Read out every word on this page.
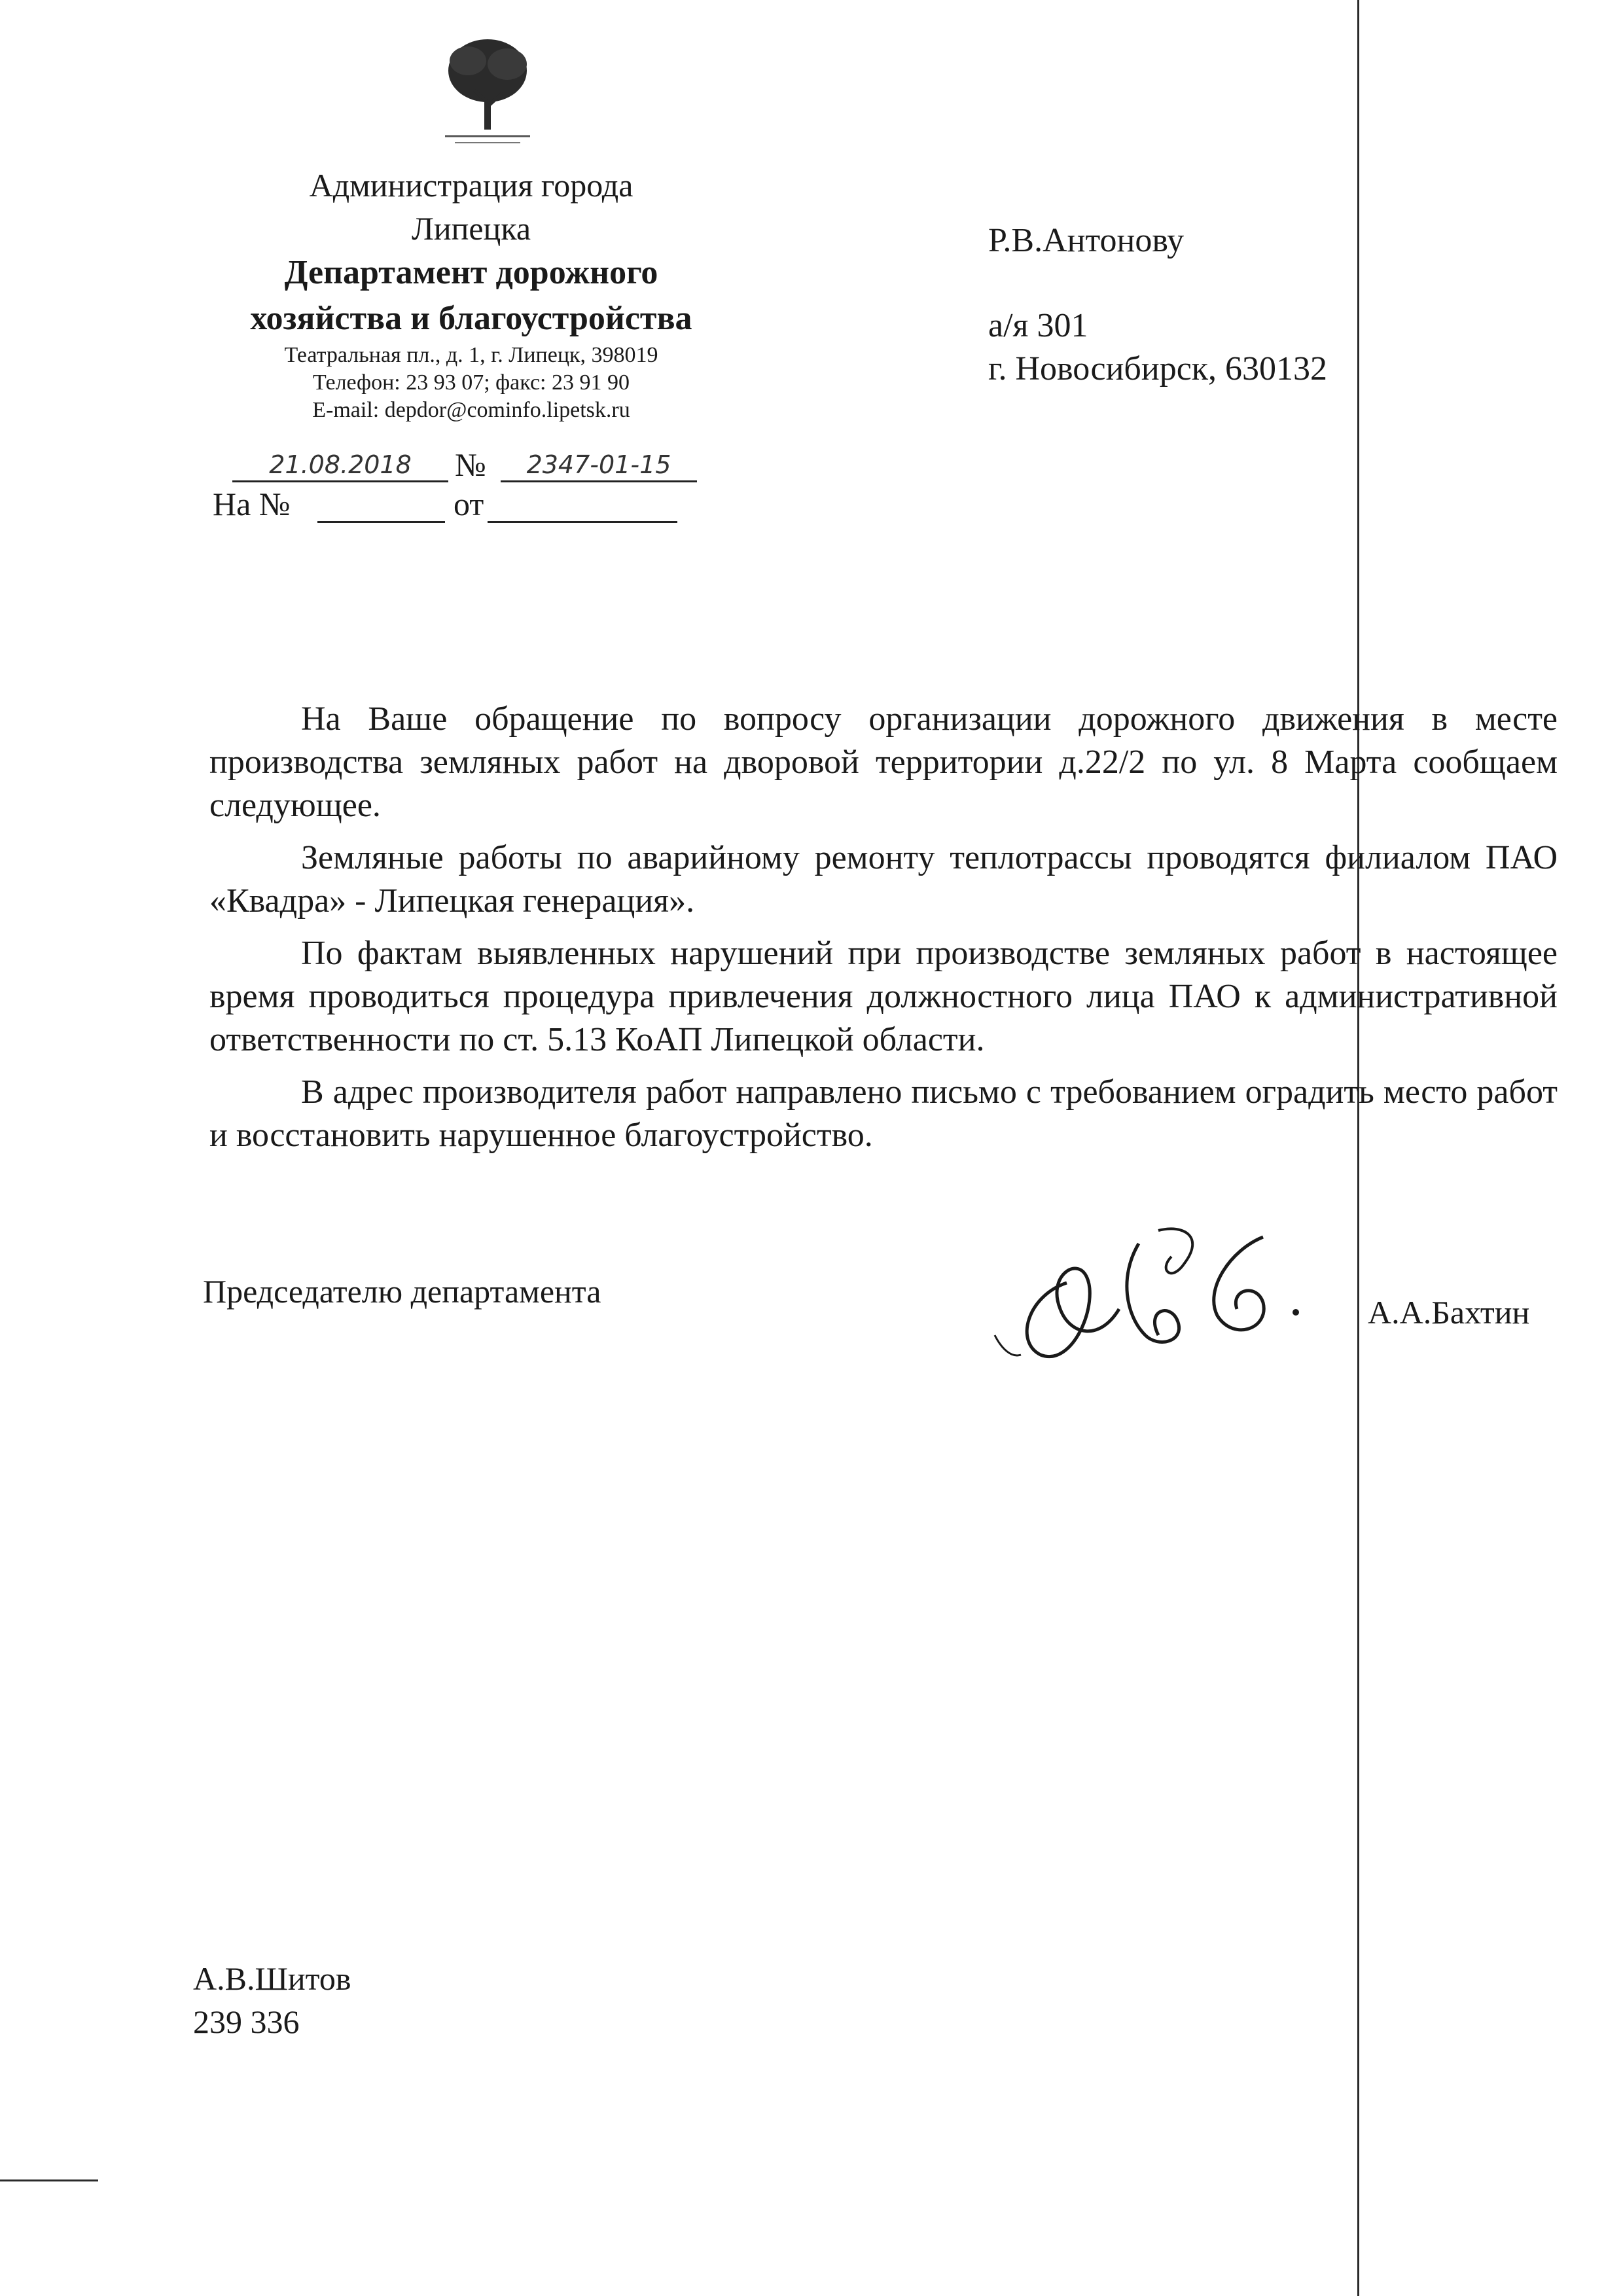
Администрация города
Липецка
Департамент дорожного
хозяйства и благоустройства
Театральная пл., д. 1, г. Липецк, 398019
Телефон: 23 93 07; факс: 23 91 90
E-mail: depdor@cominfo.lipetsk.ru
21.08.2018	№	2347-01-15
На №	от
Р.В.Антонову
а/я 301
г. Новосибирск, 630132

На Ваше обращение по вопросу организации дорожного движения в месте производства земляных работ на дворовой территории д.22/2 по ул. 8 Марта сообщаем следующее.

Земляные работы по аварийному ремонту теплотрассы проводятся филиалом ПАО «Квадра» - Липецкая генерация».

По фактам выявленных нарушений при производстве земляных работ в настоящее время проводиться процедура привлечения должностного лица ПАО к административной ответственности по ст. 5.13 КоАП Липецкой области.

В адрес производителя работ направлено письмо с требованием оградить место работ и восстановить нарушенное благоустройство.

Председателю департамента
А.А.Бахтин
А.В.Шитов
239 336
